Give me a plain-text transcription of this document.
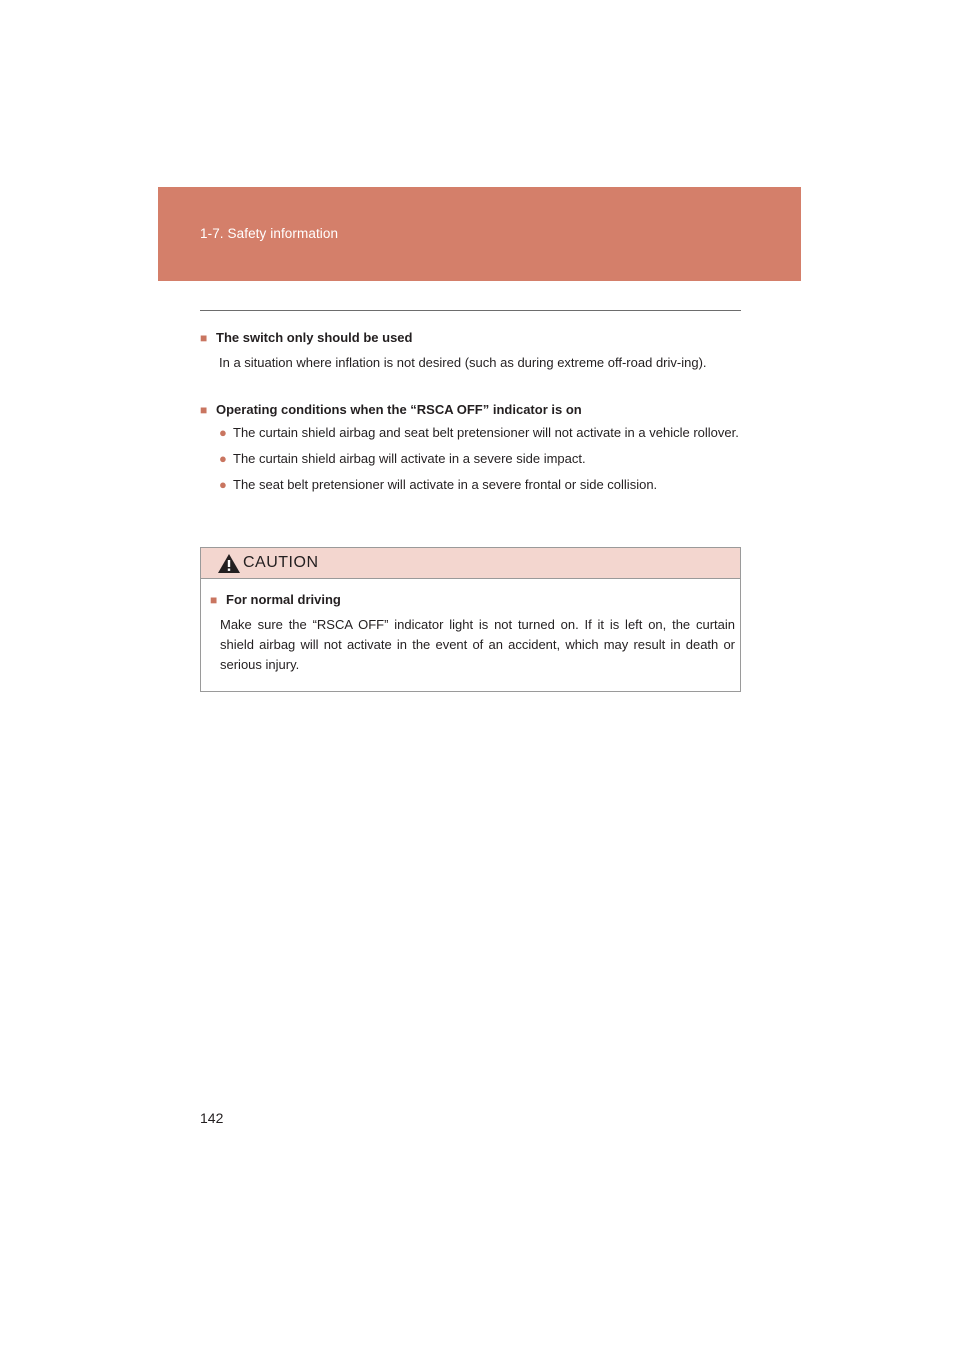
1-7. Safety information

■ The switch only should be used

In a situation where inflation is not desired (such as during extreme off-road driv-ing).

■ Operating conditions when the “RSCA OFF” indicator is on

● The curtain shield airbag and seat belt pretensioner will not activate in a vehicle rollover.
● The curtain shield airbag will activate in a severe side impact.
● The seat belt pretensioner will activate in a severe frontal or side collision.
CAUTION

■ For normal driving

Make sure the “RSCA OFF” indicator light is not turned on. If it is left on, the curtain shield airbag will not activate in the event of an accident, which may result in death or serious injury.

142
